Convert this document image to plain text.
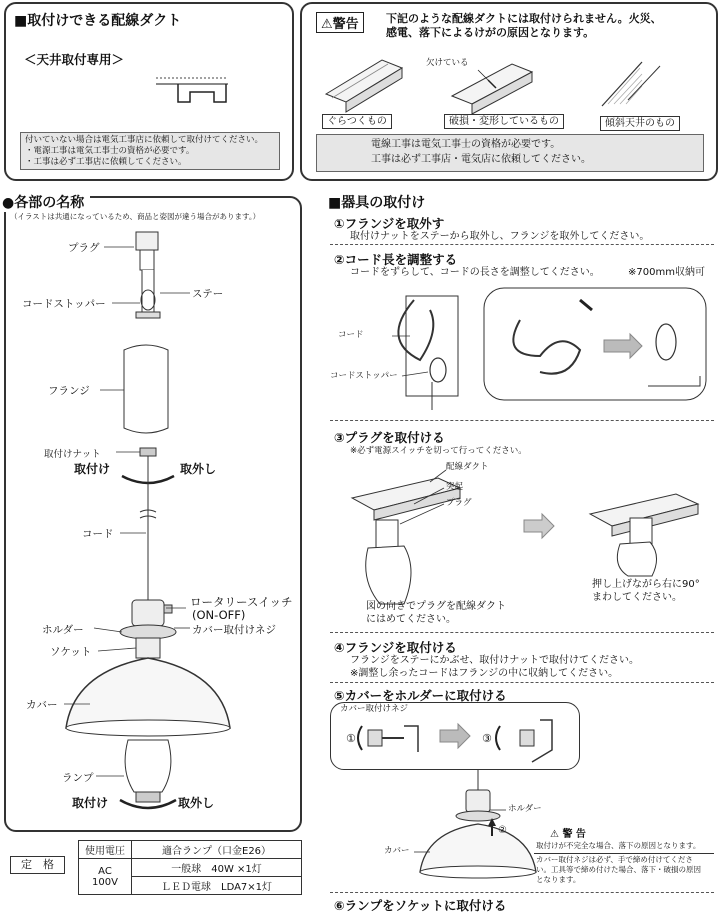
■取付けできる配線ダクト
＜天井取付専用＞
付いていない場合は電気工事店に依頼して取付けてください。
・電源工事は電気工事士の資格が必要です。
・工事は必ず工事店に依頼してください。
⚠警告	下記のような配線ダクトには取付けられません。火災、
感電、落下によるけがの原因となります。
欠けている
ぐらつくもの	破損・変形しているもの	傾斜天井のもの
電線工事は電気工事士の資格が必要です。
工事は必ず工事店・電気店に依頼してください。
●各部の名称
（イラストは共通になっているため、商品と姿図が違う場合があります。）
プラグ
ステー
コードストッパー
フランジ
取付けナット
取付け	取外し
コード
ロータリースイッチ
(ON-OFF)
ホルダー	カバー取付けネジ
ソケット
カバー
ランプ
取付け	取外し
定　格
使用電圧	適合ランプ（口金E26）

AC
100V	一般球　40W ×1灯
	ＬＥＤ電球　LDA7×1灯
■器具の取付け
①フランジを取外す
取付けナットをステーから取外し、フランジを取外してください。
②コード長を調整する
コードをずらして、コードの長さを調整してください。	※700mm収納可
コード
コードストッパー
③プラグを取付ける
※必ず電源スイッチを切って行ってください。
配線ダクト
突起
プラグ
押し上げながら右に90°
まわしてください。
図の向きでプラグを配線ダクト
にはめてください。
④フランジを取付ける
フランジをステーにかぶせ、取付けナットで取付けてください。
※調整し余ったコードはフランジの中に収納してください。
⑤カバーをホルダーに取付ける
カバー取付けネジ
①	③
②
ホルダー
カバー
⚠ 警 告
取付けが不完全な場合、落下の原因となります。
カバー取付ネジは必ず、手で締め付けてくださ
い。工具等で締め付けた場合、落下・破損の原因
となります。
⑥ランプをソケットに取付ける
